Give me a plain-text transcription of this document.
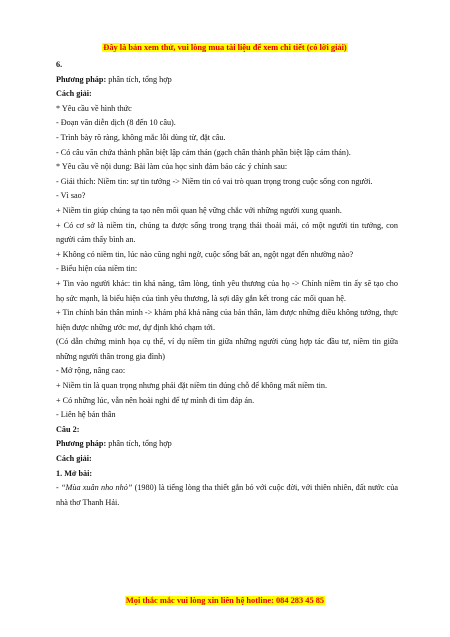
Đây là bản xem thử, vui lòng mua tài liệu để xem chi tiết (có lời giải)

6.

Phương pháp: phân tích, tổng hợp

Cách giải:

* Yêu cầu về hình thức

- Đoạn văn diễn dịch (8 đến 10 câu).

- Trình bày rõ ràng, không mắc lỗi dùng từ, đặt câu.

- Có câu văn chứa thành phần biệt lập cảm thán (gạch chân thành phần biệt lập cảm thán).

* Yêu cầu về nội dung: Bài làm của học sinh đảm bảo các ý chính sau:

- Giải thích: Niềm tin: sự tin tưởng -> Niềm tin có vai trò quan trọng trong cuộc sống con người.

- Vì sao?

+ Niềm tin giúp chúng ta tạo nên mối quan hệ vững chắc với những người xung quanh.

+ Có cơ sở là niềm tin, chúng ta được sống trong trạng thái thoải mái, có một người tin tưởng, con người cảm thấy bình an.

+ Không có niềm tin, lúc nào cũng nghi ngờ, cuộc sống bất an, ngột ngạt đến nhường nào?

- Biểu hiện của niềm tin:

+ Tin vào người khác: tin khả năng, tâm lòng, tình yêu thương của họ -> Chính niềm tin ấy sẽ tạo cho họ sức mạnh, là biểu hiện của tình yêu thương, là sợi dây gắn kết trong các mối quan hệ.

+ Tin chính bản thân mình -> khám phá khả năng của bản thân, làm được những điều không tưởng, thực hiện được những ước mơ, dự định khó chạm tới.

(Có dẫn chứng minh họa cụ thể, ví dụ niềm tin giữa những người cùng hợp tác đầu tư, niềm tin giữa những người thân trong gia đình)

- Mở rộng, nâng cao:

+ Niềm tin là quan trọng nhưng phải đặt niềm tin đúng chỗ để không mất niềm tin.

+ Có những lúc, vẫn nên hoài nghi để tự mình đi tìm đáp án.

- Liên hệ bản thân

Câu 2:

Phương pháp: phân tích, tổng hợp

Cách giải:

1. Mở bài:

- “Mùa xuân nho nhỏ” (1980) là tiếng lòng tha thiết gắn bó với cuộc đời, với thiên nhiên, đất nước của nhà thơ Thanh Hải.

Mọi thắc mắc vui lòng xin liên hệ hotline: 084 283 45 85
